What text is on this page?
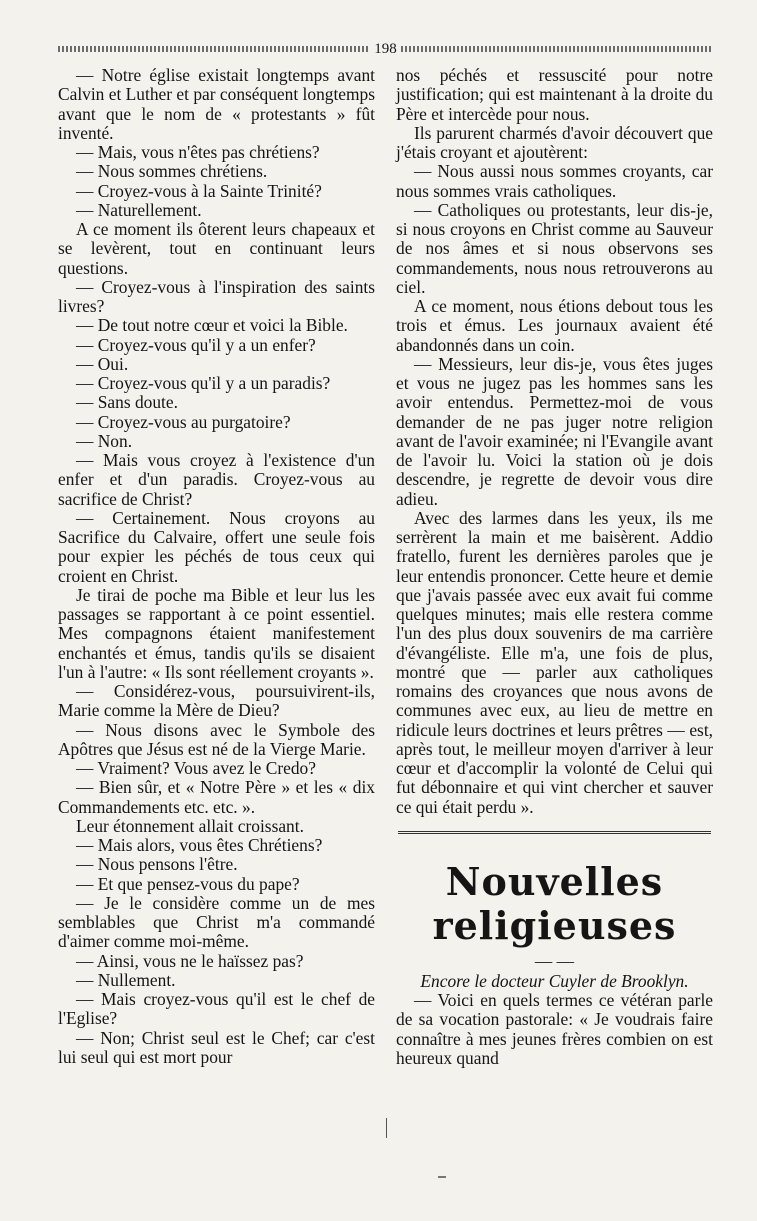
198

— Notre église existait longtemps avant Calvin et Luther et par conséquent longtemps avant que le nom de « protestants » fût inventé.

— Mais, vous n'êtes pas chrétiens?

— Nous sommes chrétiens.

— Croyez-vous à la Sainte Trinité?

— Naturellement.

A ce moment ils ôterent leurs chapeaux et se levèrent, tout en continuant leurs questions.

— Croyez-vous à l'inspiration des saints livres?

— De tout notre cœur et voici la Bible.

— Croyez-vous qu'il y a un enfer?

— Oui.

— Croyez-vous qu'il y a un paradis?

— Sans doute.

— Croyez-vous au purgatoire?

— Non.

— Mais vous croyez à l'existence d'un enfer et d'un paradis. Croyez-vous au sacrifice de Christ?

— Certainement. Nous croyons au Sacrifice du Calvaire, offert une seule fois pour expier les péchés de tous ceux qui croient en Christ.

Je tirai de poche ma Bible et leur lus les passages se rapportant à ce point essentiel. Mes compagnons étaient manifestement enchantés et émus, tandis qu'ils se disaient l'un à l'autre: « Ils sont réellement croyants ».

— Considérez-vous, poursuivirent-ils, Marie comme la Mère de Dieu?

— Nous disons avec le Symbole des Apôtres que Jésus est né de la Vierge Marie.

— Vraiment? Vous avez le Credo?

— Bien sûr, et « Notre Père » et les « dix Commandements etc. etc. ».

Leur étonnement allait croissant.

— Mais alors, vous êtes Chrétiens?

— Nous pensons l'être.

— Et que pensez-vous du pape?

— Je le considère comme un de mes semblables que Christ m'a commandé d'aimer comme moi-même.

— Ainsi, vous ne le haïssez pas?

— Nullement.

— Mais croyez-vous qu'il est le chef de l'Eglise?

— Non; Christ seul est le Chef; car c'est lui seul qui est mort pour

nos péchés et ressuscité pour notre justification; qui est maintenant à la droite du Père et intercède pour nous.

Ils parurent charmés d'avoir découvert que j'étais croyant et ajoutèrent:

— Nous aussi nous sommes croyants, car nous sommes vrais catholiques.

— Catholiques ou protestants, leur dis-je, si nous croyons en Christ comme au Sauveur de nos âmes et si nous observons ses commandements, nous nous retrouverons au ciel.

A ce moment, nous étions debout tous les trois et émus. Les journaux avaient été abandonnés dans un coin.

— Messieurs, leur dis-je, vous êtes juges et vous ne jugez pas les hommes sans les avoir entendus. Permettez-moi de vous demander de ne pas juger notre religion avant de l'avoir examinée; ni l'Evangile avant de l'avoir lu. Voici la station où je dois descendre, je regrette de devoir vous dire adieu.

Avec des larmes dans les yeux, ils me serrèrent la main et me baisèrent. Addio fratello, furent les dernières paroles que je leur entendis prononcer. Cette heure et demie que j'avais passée avec eux avait fui comme quelques minutes; mais elle restera comme l'un des plus doux souvenirs de ma carrière d'évangéliste. Elle m'a, une fois de plus, montré que — parler aux catholiques romains des croyances que nous avons de communes avec eux, au lieu de mettre en ridicule leurs doctrines et leurs prêtres — est, après tout, le meilleur moyen d'arriver à leur cœur et d'accomplir la volonté de Celui qui fut débonnaire et qui vint chercher et sauver ce qui était perdu ».

Nouvelles religieuses
— —

Encore le docteur Cuyler de Brooklyn.

— Voici en quels termes ce vétéran parle de sa vocation pastorale: « Je voudrais faire connaître à mes jeunes frères combien on est heureux quand
